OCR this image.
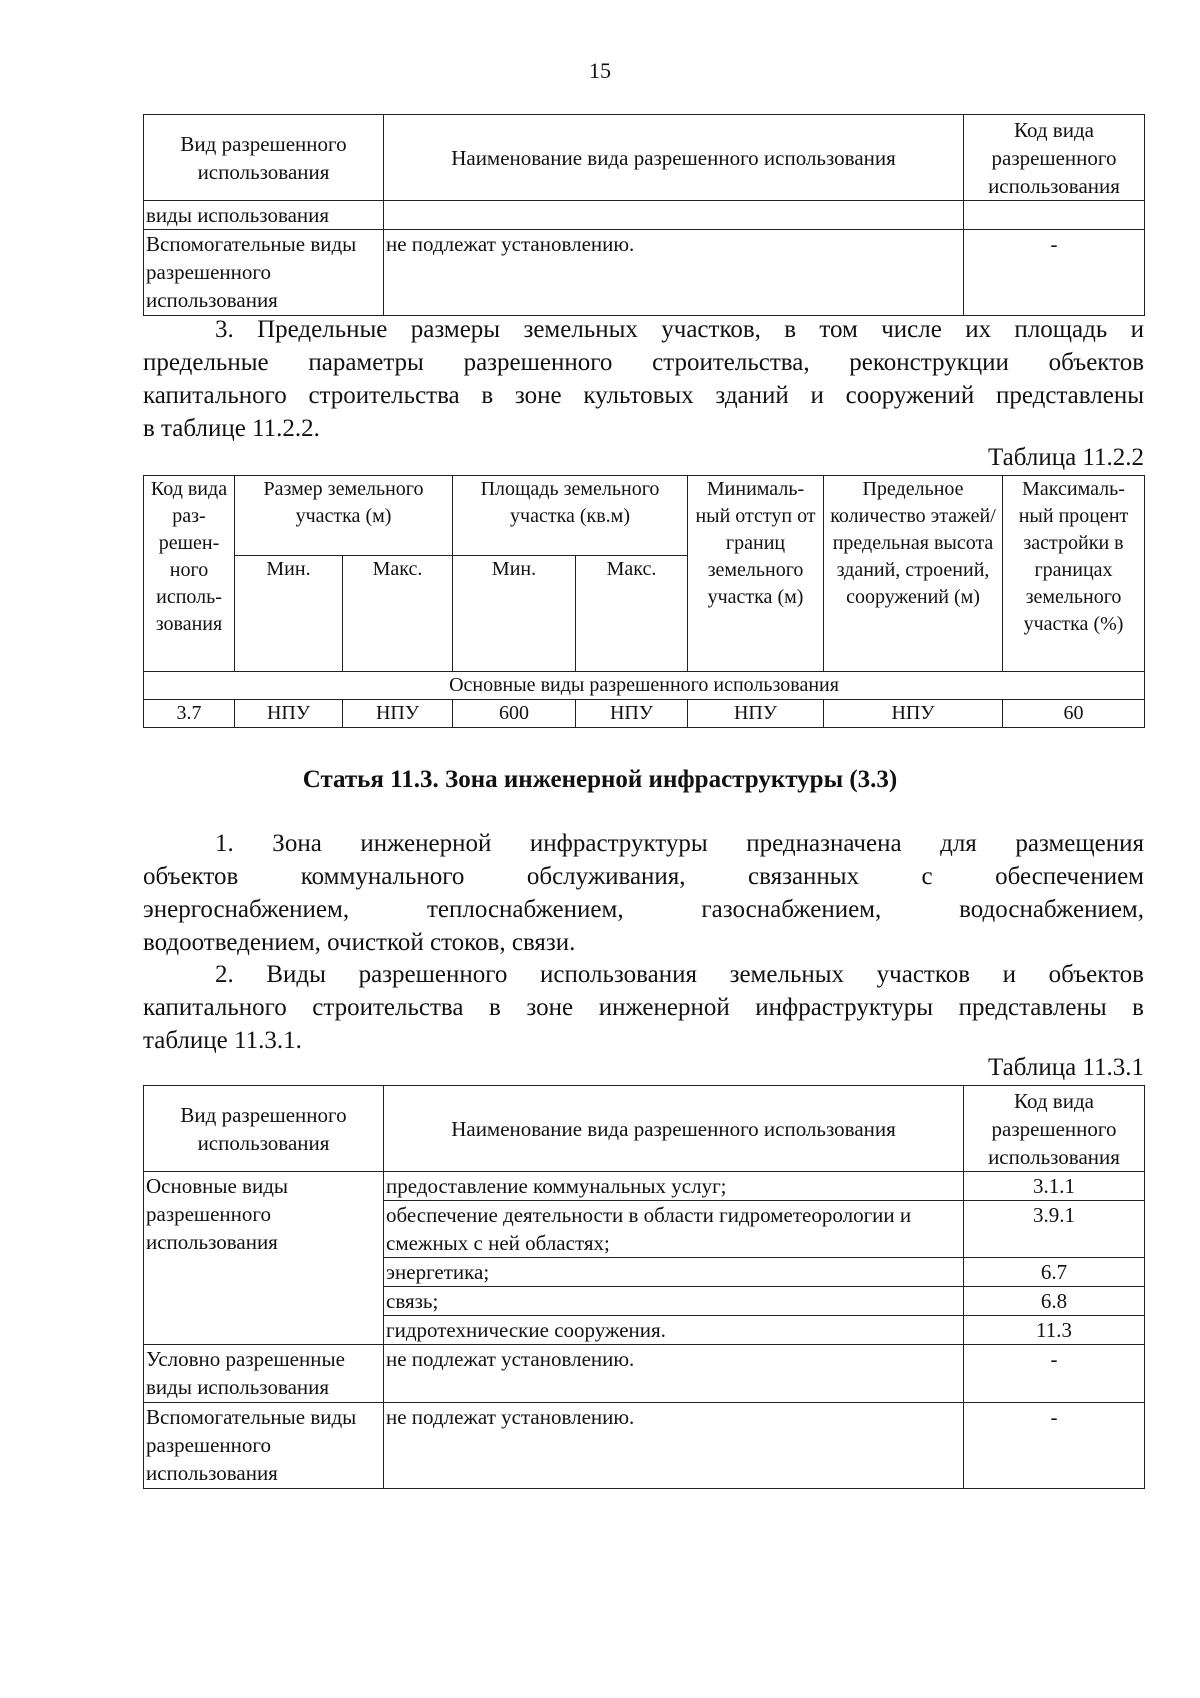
15
Вид разрешенного использования	Наименование вида разрешенного использования	Код вида разрешенного использования
виды использования		
Вспомогательные виды разрешенного использования	не подлежат установлению.	-
3. Предельные размеры земельных участков, в том числе их площадь и
предельные параметры разрешенного строительства, реконструкции объектов
капитального строительства в зоне культовых зданий и сооружений представлены
в таблице 11.2.2.
Таблица 11.2.2
Код вида раз-решен-ного исполь-зования	Размер земельного участка (м)		Площадь земельного участка (кв.м)		Минималь-ный отступ от границ земельного участка (м)	Предельное количество этажей/ предельная высота зданий, строений, сооружений (м)	Максималь-ный процент застройки в границах земельного участка (%)
	Мин.	Макс.	Мин.	Макс.			
Основные виды разрешенного использования							
3.7	НПУ	НПУ	600	НПУ	НПУ	НПУ	60
Статья 11.3. Зона инженерной инфраструктуры (3.3)
1. Зона инженерной инфраструктуры предназначена для размещения
объектов коммунального обслуживания, связанных с обеспечением
энергоснабжением, теплоснабжением, газоснабжением, водоснабжением,
водоотведением, очисткой стоков, связи.
2. Виды разрешенного использования земельных участков и объектов
капитального строительства в зоне инженерной инфраструктуры представлены в
таблице 11.3.1.
Таблица 11.3.1
Вид разрешенного использования	Наименование вида разрешенного использования	Код вида разрешенного использования
Основные виды разрешенного использования	предоставление коммунальных услуг;	3.1.1
	обеспечение деятельности в области гидрометеорологии и смежных с ней областях;	3.9.1
	энергетика;	6.7
	связь;	6.8
	гидротехнические сооружения.	11.3
Условно разрешенные виды использования	не подлежат установлению.	-
Вспомогательные виды разрешенного использования	не подлежат установлению.	-
